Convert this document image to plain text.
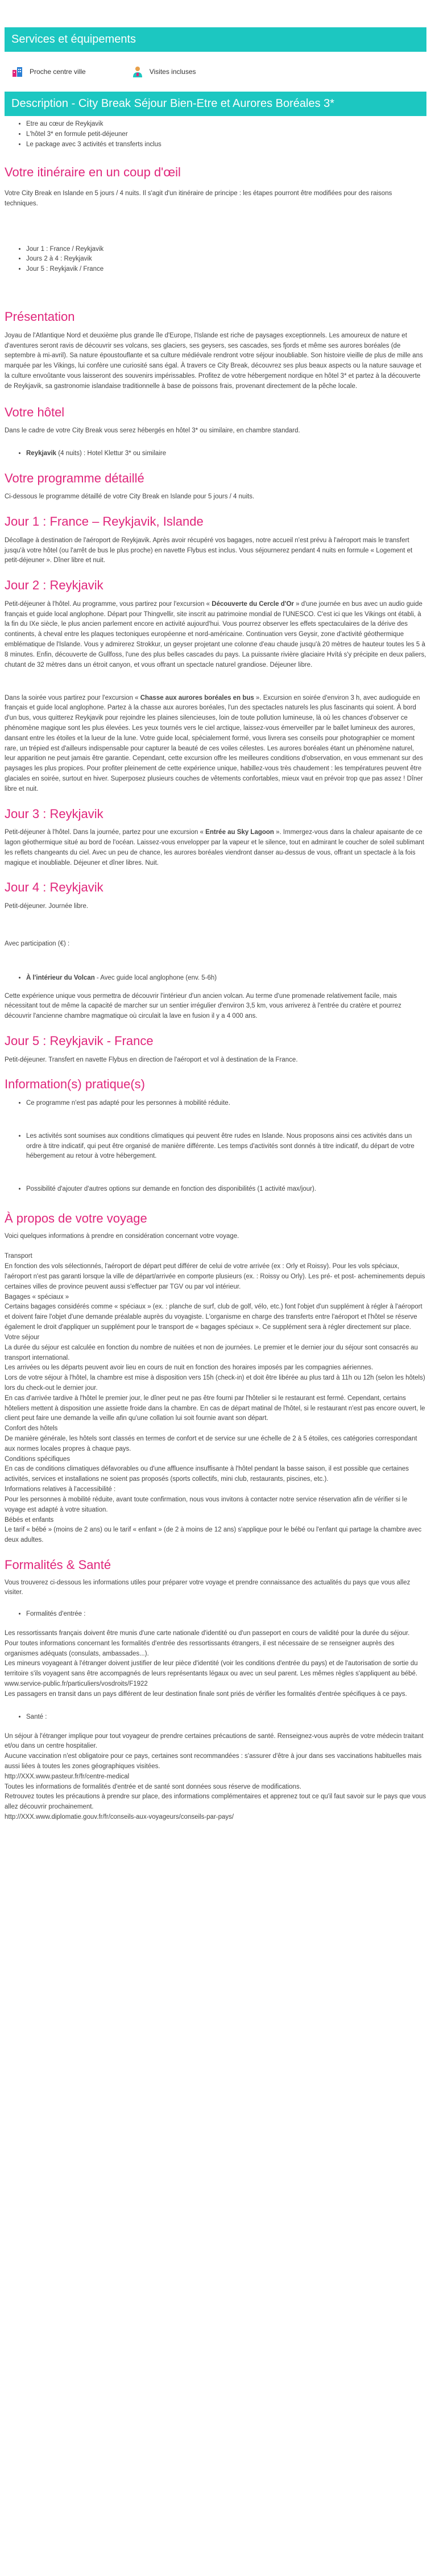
Services et équipements
Proche centre ville	Visites incluses
Description - City Break Séjour Bien-Etre et Aurores Boréales 3*
• Etre au cœur de Reykjavik
• L'hôtel 3* en formule petit-déjeuner
• Le package avec 3 activités et transferts inclus
Votre itinéraire en un coup d'œil

Votre City Break en Islande en 5 jours / 4 nuits. Il s'agit d'un itinéraire de principe : les étapes pourront être modifiées pour des raisons techniques.

• Jour 1 : France / Reykjavik
• Jours 2 à 4 : Reykjavik
• Jour 5 : Reykjavik / France
Présentation

Joyau de l'Atlantique Nord et deuxième plus grande île d'Europe, l'Islande est riche de paysages exceptionnels. Les amoureux de nature et d'aventures seront ravis de découvrir ses volcans, ses glaciers, ses geysers, ses cascades, ses fjords et même ses aurores boréales (de septembre à mi-avril). Sa nature époustouflante et sa culture médiévale rendront votre séjour inoubliable. Son histoire vieille de plus de mille ans marquée par les Vikings, lui confère une curiosité sans égal. À travers ce City Break, découvrez ses plus beaux aspects ou la nature sauvage et la culture envoûtante vous laisseront des souvenirs impérissables. Profitez de votre hébergement nordique en hôtel 3* et partez à la découverte de Reykjavik, sa gastronomie islandaise traditionnelle à base de poissons frais, provenant directement de la pêche locale.

Votre hôtel

Dans le cadre de votre City Break vous serez hébergés en hôtel 3* ou similaire, en chambre standard.

• Reykjavik (4 nuits) : Hotel Klettur 3* ou similaire
Votre programme détaillé

Ci-dessous le programme détaillé de votre City Break en Islande pour 5 jours / 4 nuits.

Jour 1 : France – Reykjavik, Islande

Décollage à destination de l'aéroport de Reykjavik. Après avoir récupéré vos bagages, notre accueil n'est prévu à l'aéroport mais le transfert jusqu'à votre hôtel (ou l'arrêt de bus le plus proche) en navette Flybus est inclus. Vous séjournerez pendant 4 nuits en formule « Logement et petit-déjeuner ». Dîner libre et nuit.

Jour 2 : Reykjavik

Petit-déjeuner à l'hôtel. Au programme, vous partirez pour l'excursion « Découverte du Cercle d'Or » d'une journée en bus avec un audio guide français et guide local anglophone. Départ pour Thingvellir, site inscrit au patrimoine mondial de l'UNESCO. C'est ici que les Vikings ont établi, à la fin du IXe siècle, le plus ancien parlement encore en activité aujourd'hui. Vous pourrez observer les effets spectaculaires de la dérive des continents, à cheval entre les plaques tectoniques européenne et nord-américaine. Continuation vers Geysir, zone d'activité géothermique emblématique de l'Islande. Vous y admirerez Strokkur, un geyser projetant une colonne d'eau chaude jusqu'à 20 mètres de hauteur toutes les 5 à 8 minutes. Enfin, découverte de Gullfoss, l'une des plus belles cascades du pays. La puissante rivière glaciaire Hvítá s'y précipite en deux paliers, chutant de 32 mètres dans un étroit canyon, et vous offrant un spectacle naturel grandiose. Déjeuner libre.

Dans la soirée vous partirez pour l'excursion « Chasse aux aurores boréales en bus ». Excursion en soirée d'environ 3 h, avec audioguide en français et guide local anglophone. Partez à la chasse aux aurores boréales, l'un des spectacles naturels les plus fascinants qui soient. À bord d'un bus, vous quitterez Reykjavik pour rejoindre les plaines silencieuses, loin de toute pollution lumineuse, là où les chances d'observer ce phénomène magique sont les plus élevées. Les yeux tournés vers le ciel arctique, laissez-vous émerveiller par le ballet lumineux des aurores, dansant entre les étoiles et la lueur de la lune. Votre guide local, spécialement formé, vous livrera ses conseils pour photographier ce moment rare, un trépied est d'ailleurs indispensable pour capturer la beauté de ces voiles célestes. Les aurores boréales étant un phénomène naturel, leur apparition ne peut jamais être garantie. Cependant, cette excursion offre les meilleures conditions d'observation, en vous emmenant sur des paysages les plus propices. Pour profiter pleinement de cette expérience unique, habillez-vous très chaudement : les températures peuvent être glaciales en soirée, surtout en hiver. Superposez plusieurs couches de vêtements confortables, mieux vaut en prévoir trop que pas assez ! Dîner libre et nuit.

Jour 3 : Reykjavik

Petit-déjeuner à l'hôtel. Dans la journée, partez pour une excursion « Entrée au Sky Lagoon ». Immergez-vous dans la chaleur apaisante de ce lagon géothermique situé au bord de l'océan. Laissez-vous envelopper par la vapeur et le silence, tout en admirant le coucher de soleil sublimant les reflets changeants du ciel. Avec un peu de chance, les aurores boréales viendront danser au-dessus de vous, offrant un spectacle à la fois magique et inoubliable. Déjeuner et dîner libres. Nuit.

Jour 4 : Reykjavik

Petit-déjeuner. Journée libre.

Avec participation (€) :

• À l'intérieur du Volcan - Avec guide local anglophone (env. 5-6h)

Cette expérience unique vous permettra de découvrir l'intérieur d'un ancien volcan. Au terme d'une promenade relativement facile, mais nécessitant tout de même la capacité de marcher sur un sentier irrégulier d'environ 3,5 km, vous arriverez à l'entrée du cratère et pourrez découvrir l'ancienne chambre magmatique où circulait la lave en fusion il y a 4 000 ans.

Jour 5 : Reykjavik - France

Petit-déjeuner. Transfert en navette Flybus en direction de l'aéroport et vol à destination de la France.

Information(s) pratique(s)
• Ce programme n'est pas adapté pour les personnes à mobilité réduite.
• Les activités sont soumises aux conditions climatiques qui peuvent être rudes en Islande. Nous proposons ainsi ces activités dans un ordre à titre indicatif, qui peut être organisé de manière différente. Les temps d'activités sont donnés à titre indicatif, du départ de votre hébergement au retour à votre hébergement.
• Possibilité d'ajouter d'autres options sur demande en fonction des disponibilités (1 activité max/jour).
À propos de votre voyage

Voici quelques informations à prendre en considération concernant votre voyage.

Transport

En fonction des vols sélectionnés, l'aéroport de départ peut différer de celui de votre arrivée (ex : Orly et Roissy). Pour les vols spéciaux, l'aéroport n'est pas garanti lorsque la ville de départ/arrivée en comporte plusieurs (ex. : Roissy ou Orly). Les pré- et post- acheminements depuis certaines villes de province peuvent aussi s'effectuer par TGV ou par vol intérieur.

Bagages « spéciaux »

Certains bagages considérés comme « spéciaux » (ex. : planche de surf, club de golf, vélo, etc.) font l'objet d'un supplément à régler à l'aéroport et doivent faire l'objet d'une demande préalable auprès du voyagiste. L'organisme en charge des transferts entre l'aéroport et l'hôtel se réserve également le droit d'appliquer un supplément pour le transport de « bagages spéciaux ». Ce supplément sera à régler directement sur place.

Votre séjour

La durée du séjour est calculée en fonction du nombre de nuitées et non de journées. Le premier et le dernier jour du séjour sont consacrés au transport international.

Les arrivées ou les départs peuvent avoir lieu en cours de nuit en fonction des horaires imposés par les compagnies aériennes.

Lors de votre séjour à l'hôtel, la chambre est mise à disposition vers 15h (check-in) et doit être libérée au plus tard à 11h ou 12h (selon les hôtels) lors du check-out le dernier jour.

En cas d'arrivée tardive à l'hôtel le premier jour, le dîner peut ne pas être fourni par l'hôtelier si le restaurant est fermé. Cependant, certains hôteliers mettent à disposition une assiette froide dans la chambre. En cas de départ matinal de l'hôtel, si le restaurant n'est pas encore ouvert, le client peut faire une demande la veille afin qu'une collation lui soit fournie avant son départ.

Confort des hôtels

De manière générale, les hôtels sont classés en termes de confort et de service sur une échelle de 2 à 5 étoiles, ces catégories correspondant aux normes locales propres à chaque pays.

Conditions spécifiques

En cas de conditions climatiques défavorables ou d'une affluence insuffisante à l'hôtel pendant la basse saison, il est possible que certaines activités, services et installations ne soient pas proposés (sports collectifs, mini club, restaurants, piscines, etc.).

Informations relatives à l'accessibilité :

Pour les personnes à mobilité réduite, avant toute confirmation, nous vous invitons à contacter notre service réservation afin de vérifier si le voyage est adapté à votre situation.

Bébés et enfants

Le tarif « bébé » (moins de 2 ans) ou le tarif « enfant » (de 2 à moins de 12 ans) s'applique pour le bébé ou l'enfant qui partage la chambre avec deux adultes.

Formalités & Santé

Vous trouverez ci-dessous les informations utiles pour préparer votre voyage et prendre connaissance des actualités du pays que vous allez visiter.

• Formalités d'entrée :

Les ressortissants français doivent être munis d'une carte nationale d'identité ou d'un passeport en cours de validité pour la durée du séjour.

Pour toutes informations concernant les formalités d'entrée des ressortissants étrangers, il est nécessaire de se renseigner auprès des organismes adéquats (consulats, ambassades...).

Les mineurs voyageant à l'étranger doivent justifier de leur pièce d'identité (voir les conditions d'entrée du pays) et de l'autorisation de sortie du territoire s'ils voyagent sans être accompagnés de leurs représentants légaux ou avec un seul parent. Les mêmes règles s'appliquent au bébé.

www.service-public.fr/particuliers/vosdroits/F1922

Les passagers en transit dans un pays différent de leur destination finale sont priés de vérifier les formalités d'entrée spécifiques à ce pays.

• Santé :

Un séjour à l'étranger implique pour tout voyageur de prendre certaines précautions de santé. Renseignez-vous auprès de votre médecin traitant et/ou dans un centre hospitalier.

Aucune vaccination n'est obligatoire pour ce pays, certaines sont recommandées : s'assurer d'être à jour dans ses vaccinations habituelles mais aussi liées à toutes les zones géographiques visitées.

http://XXX.www.pasteur.fr/fr/centre-medical

Toutes les informations de formalités d'entrée et de santé sont données sous réserve de modifications.

Retrouvez toutes les précautions à prendre sur place, des informations complémentaires et apprenez tout ce qu'il faut savoir sur le pays que vous allez découvrir prochainement.

http://XXX.www.diplomatie.gouv.fr/fr/conseils-aux-voyageurs/conseils-par-pays/
